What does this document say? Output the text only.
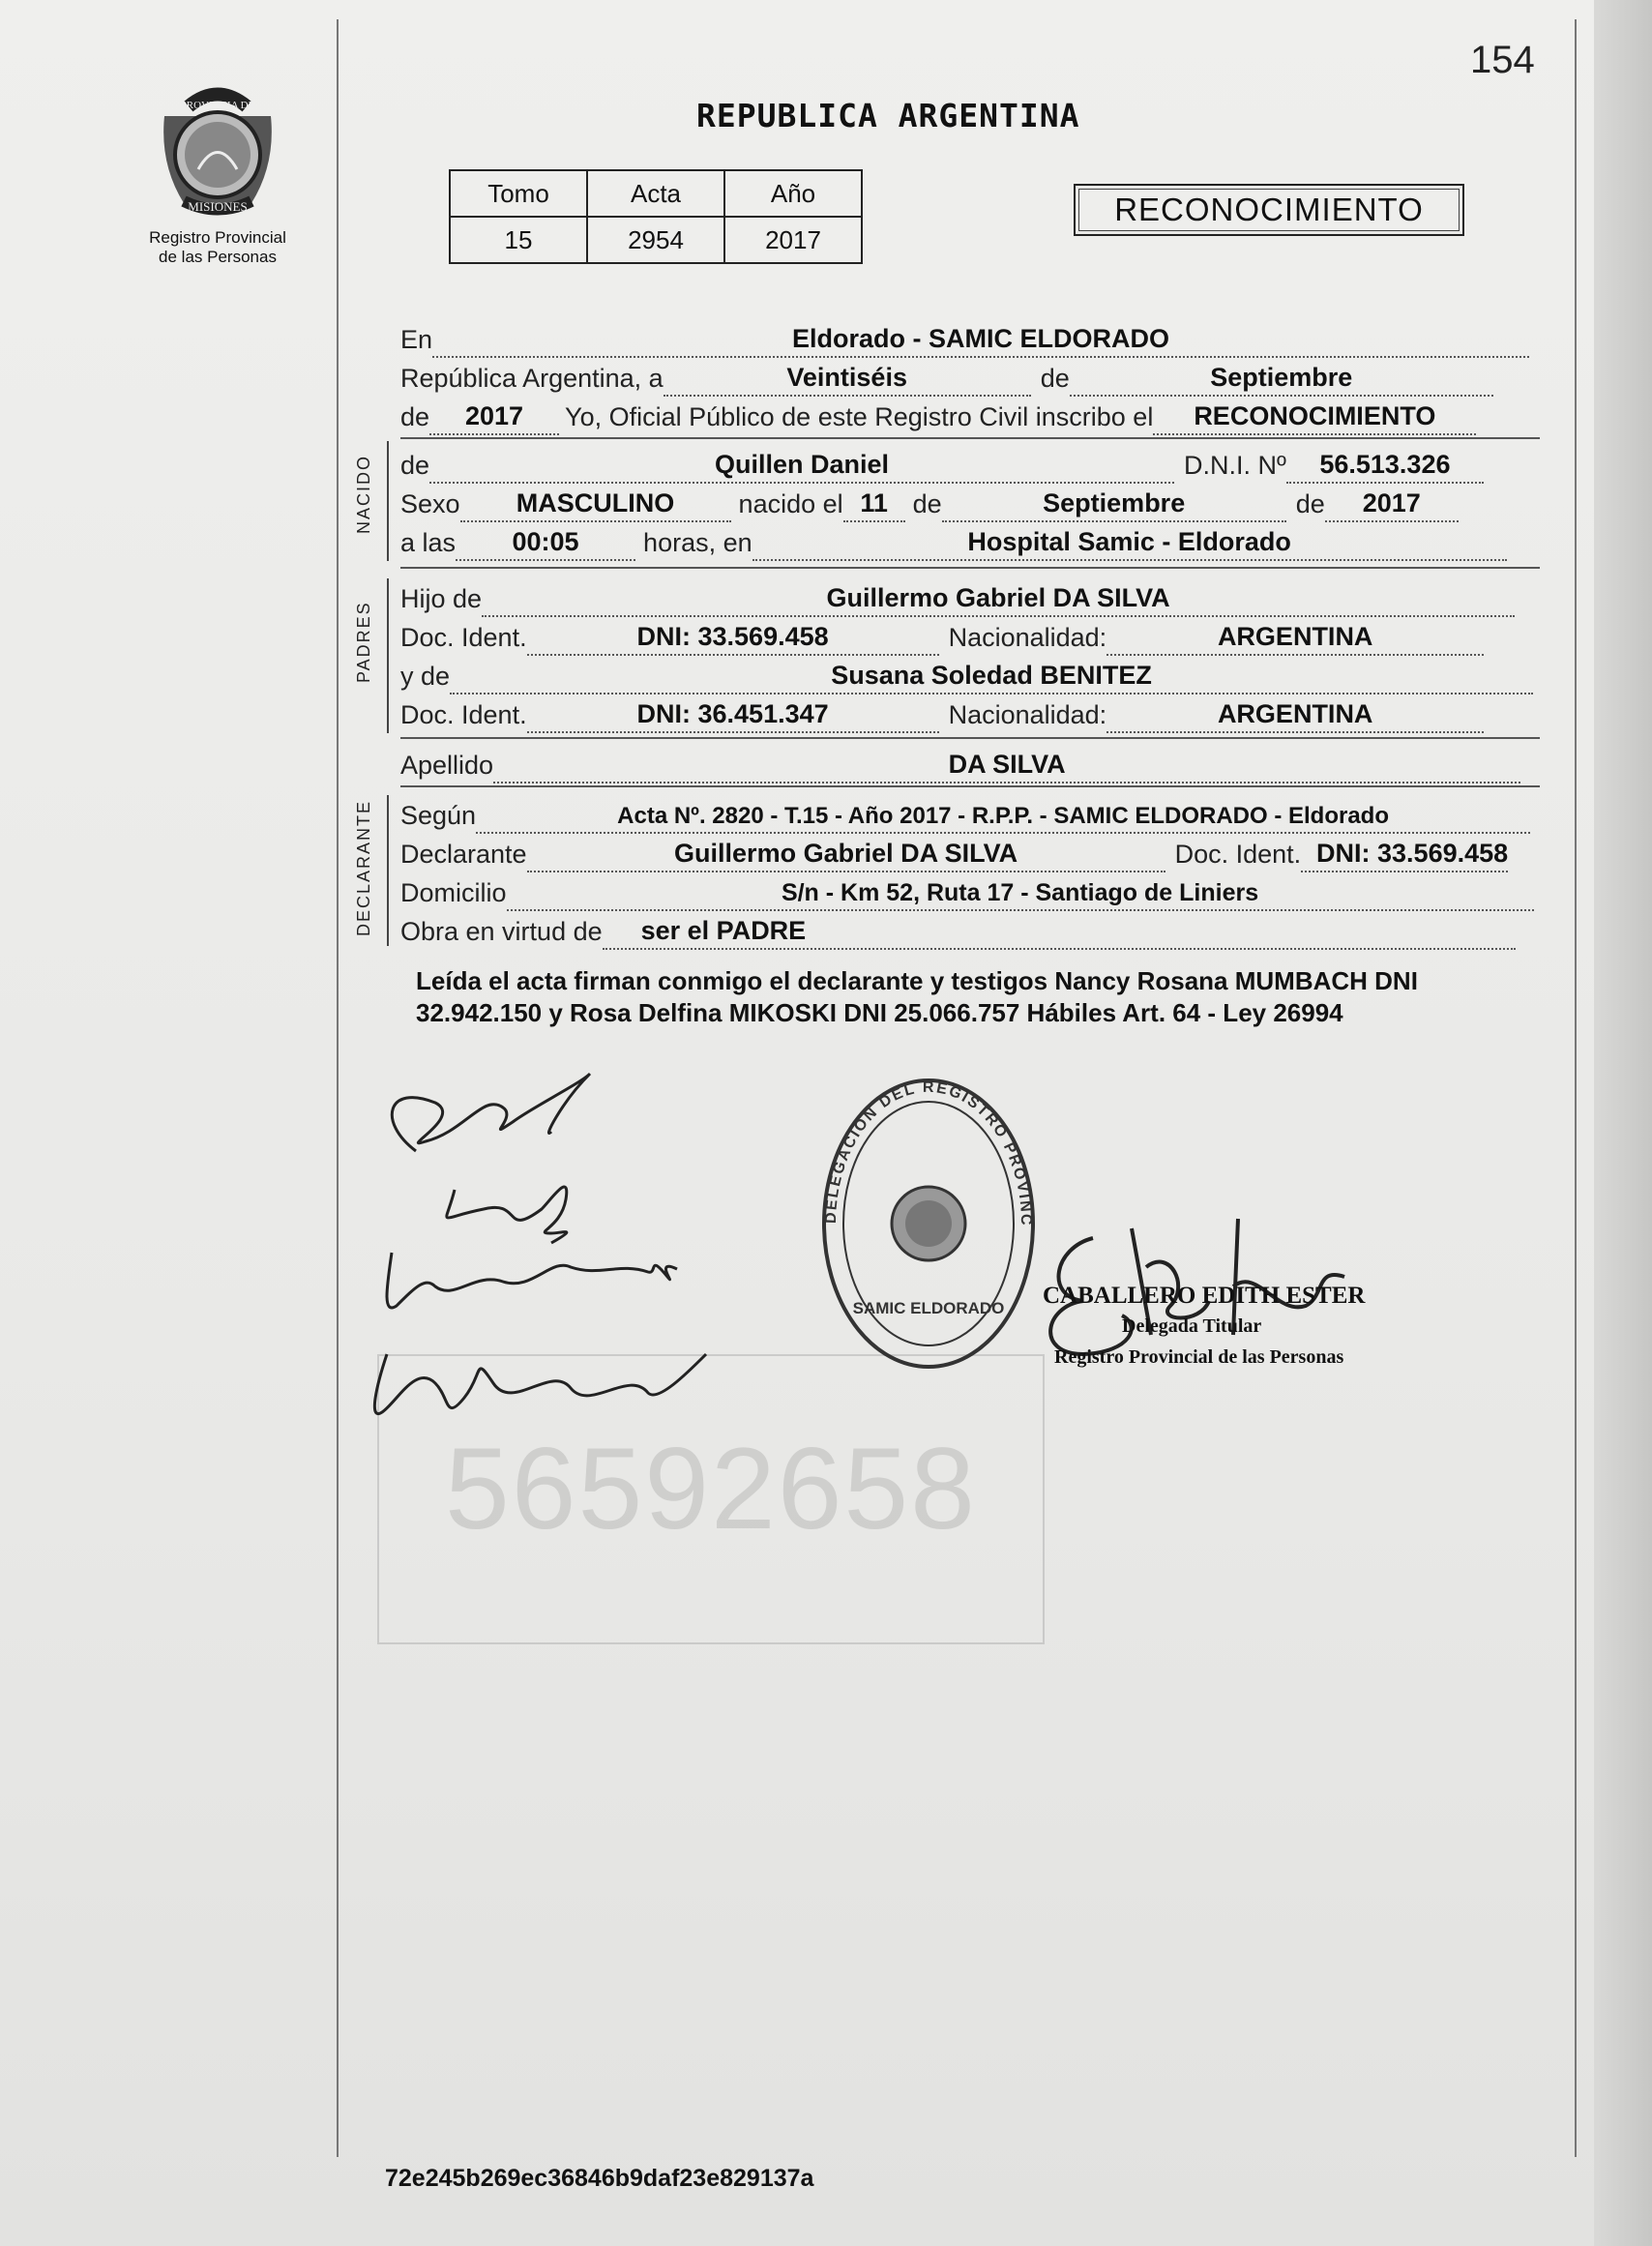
154
REPUBLICA ARGENTINA
PROVINCIA DE
MISIONES
Registro Provincial
de las Personas
Tomo	Acta	Año
15	2954	2017
RECONOCIMIENTO
En	Eldorado - SAMIC ELDORADO
República Argentina, a	Veintiséis	de	Septiembre
de	2017	Yo, Oficial Público de este Registro Civil inscribo el	RECONOCIMIENTO
NACIDO de	Quillen Daniel	D.N.I. Nº	56.513.326
Sexo	MASCULINO	nacido el 11 de	Septiembre	de	2017
a las	00:05	horas, en	Hospital Samic - Eldorado
PADRES
Hijo de	Guillermo Gabriel DA SILVA
Doc. Ident.	DNI: 33.569.458	Nacionalidad:	ARGENTINA
y de	Susana Soledad BENITEZ
Doc. Ident.	DNI: 36.451.347	Nacionalidad:	ARGENTINA
Apellido	DA SILVA
DECLARANTE Según	Acta Nº. 2820 - T.15 - Año 2017 - R.P.P. - SAMIC ELDORADO - Eldorado
Declarante	Guillermo Gabriel DA SILVA	Doc. Ident. DNI: 33.569.458
Domicilio	S/n - Km 52, Ruta 17 - Santiago de Liniers
Obra en virtud de	ser el PADRE
Leída el acta firman conmigo el declarante y testigos Nancy Rosana MUMBACH DNI 32.942.150 y Rosa Delfina MIKOSKI DNI 25.066.757 Hábiles Art. 64 - Ley 26994
56592658
DELEGACION DEL REGISTRO PROVINC
SAMIC ELDORADO CABALLERO EDITH ESTER
Delegada Titular
Registro Provincial de las Personas
72e245b269ec36846b9daf23e829137a
